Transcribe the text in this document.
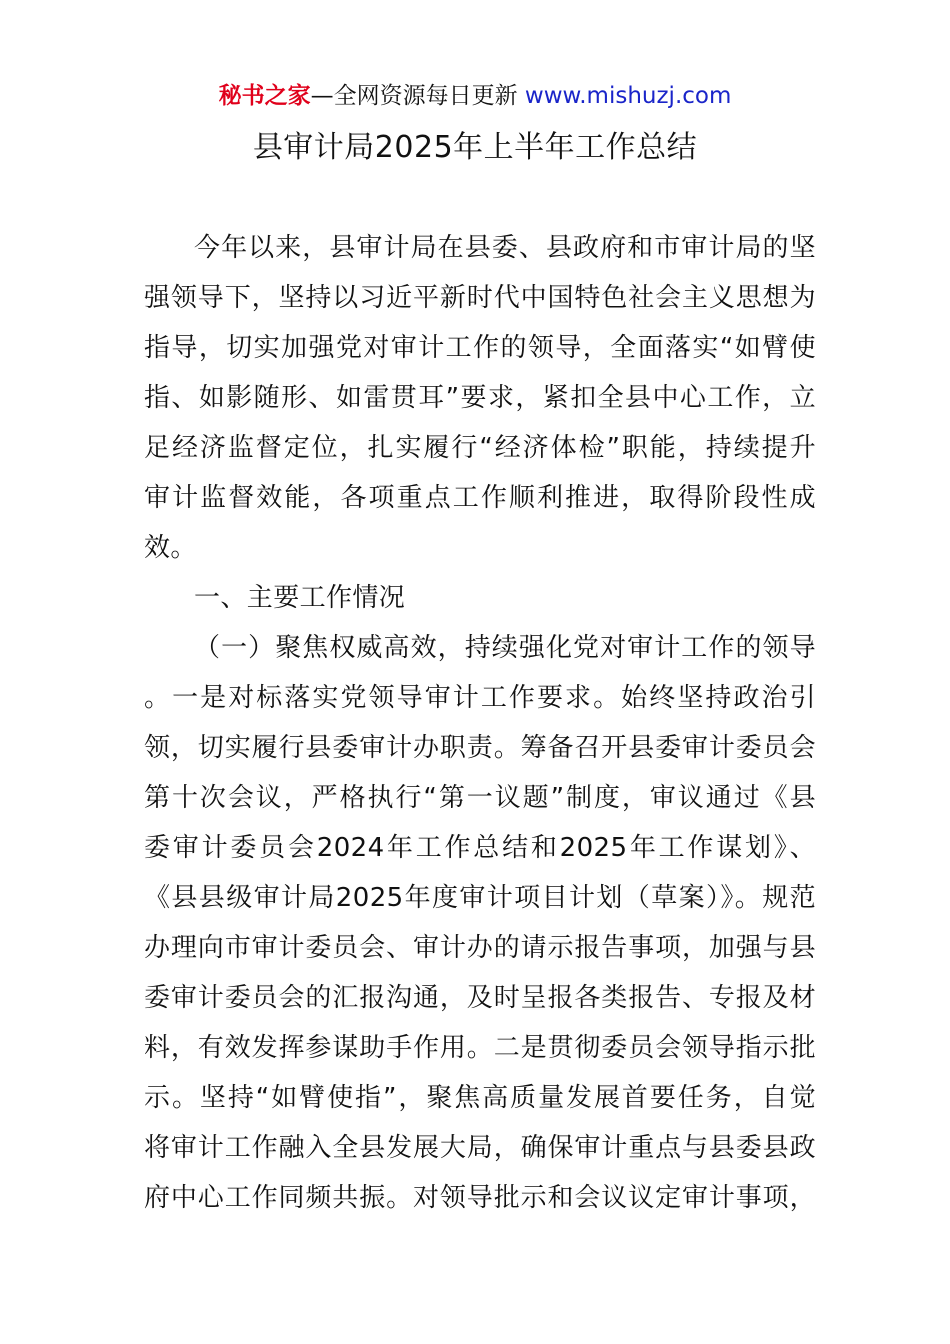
秘书之家—全网资源每日更新 www.mishuzj.com
县审计局2025年上半年工作总结
今年以来，县审计局在县委、县政府和市审计局的坚
强领导下，坚持以习近平新时代中国特色社会主义思想为
指导，切实加强党对审计工作的领导，全面落实“如臂使
指、如影随形、如雷贯耳”要求，紧扣全县中心工作，立
足经济监督定位，扎实履行“经济体检”职能，持续提升
审计监督效能，各项重点工作顺利推进，取得阶段性成
效。
一、主要工作情况
（一）聚焦权威高效，持续强化党对审计工作的领导
。一是对标落实党领导审计工作要求。始终坚持政治引
领，切实履行县委审计办职责。筹备召开县委审计委员会
第十次会议，严格执行“第一议题”制度，审议通过《县
委审计委员会2024年工作总结和2025年工作谋划》、
《县县级审计局2025年度审计项目计划（草案）》。规范
办理向市审计委员会、审计办的请示报告事项，加强与县
委审计委员会的汇报沟通，及时呈报各类报告、专报及材
料，有效发挥参谋助手作用。二是贯彻委员会领导指示批
示。坚持“如臂使指”，聚焦高质量发展首要任务，自觉
将审计工作融入全县发展大局，确保审计重点与县委县政
府中心工作同频共振。对领导批示和会议议定审计事项，
